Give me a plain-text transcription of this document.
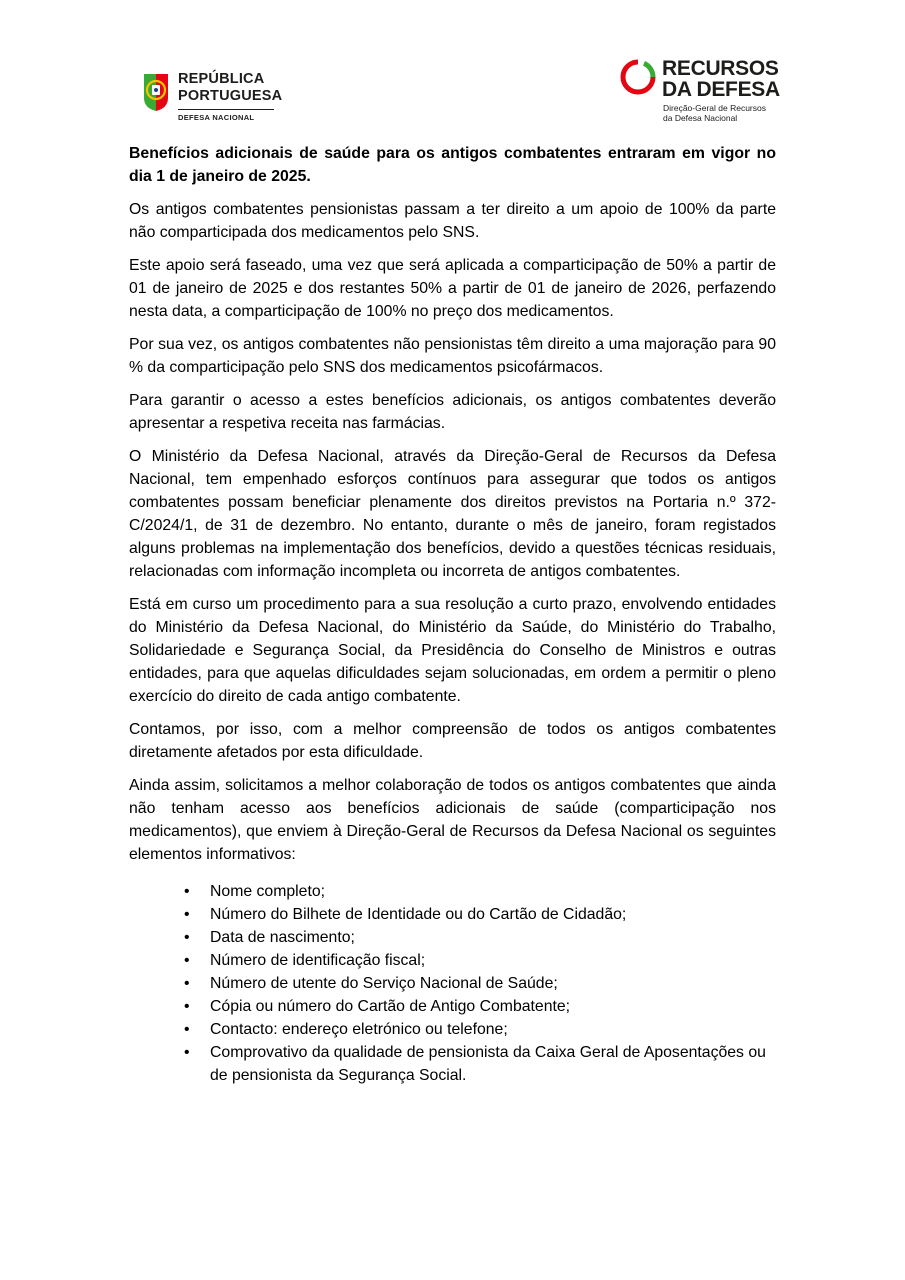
REPÚBLICA
PORTUGUESA
DEFESA NACIONAL
RECURSOS
DA DEFESA
Direção-Geral de Recursos
da Defesa Nacional

Benefícios adicionais de saúde para os antigos combatentes entraram em vigor no dia 1 de janeiro de 2025.

Os antigos combatentes pensionistas passam a ter direito a um apoio de 100% da parte não comparticipada dos medicamentos pelo SNS.

Este apoio será faseado, uma vez que será aplicada a comparticipação de 50% a partir de 01 de janeiro de 2025 e dos restantes 50% a partir de 01 de janeiro de 2026, perfazendo nesta data, a comparticipação de 100% no preço dos medicamentos.

Por sua vez, os antigos combatentes não pensionistas têm direito a uma majoração para 90 % da comparticipação pelo SNS dos medicamentos psicofármacos.

Para garantir o acesso a estes benefícios adicionais, os antigos combatentes deverão apresentar a respetiva receita nas farmácias.

O Ministério da Defesa Nacional, através da Direção-Geral de Recursos da Defesa Nacional, tem empenhado esforços contínuos para assegurar que todos os antigos combatentes possam beneficiar plenamente dos direitos previstos na Portaria n.º 372-C/2024/1, de 31 de dezembro. No entanto, durante o mês de janeiro, foram registados alguns problemas na implementação dos benefícios, devido a questões técnicas residuais, relacionadas com informação incompleta ou incorreta de antigos combatentes.

Está em curso um procedimento para a sua resolução a curto prazo, envolvendo entidades do Ministério da Defesa Nacional, do Ministério da Saúde, do Ministério do Trabalho, Solidariedade e Segurança Social, da Presidência do Conselho de Ministros e outras entidades, para que aquelas dificuldades sejam solucionadas, em ordem a permitir o pleno exercício do direito de cada antigo combatente.

Contamos, por isso, com a melhor compreensão de todos os antigos combatentes diretamente afetados por esta dificuldade.

Ainda assim, solicitamos a melhor colaboração de todos os antigos combatentes que ainda não tenham acesso aos benefícios adicionais de saúde (comparticipação nos medicamentos), que enviem à Direção-Geral de Recursos da Defesa Nacional os seguintes elementos informativos:

• Nome completo;
• Número do Bilhete de Identidade ou do Cartão de Cidadão;
• Data de nascimento;
• Número de identificação fiscal;
• Número de utente do Serviço Nacional de Saúde;
• Cópia ou número do Cartão de Antigo Combatente;
• Contacto: endereço eletrónico ou telefone;
• Comprovativo da qualidade de pensionista da Caixa Geral de Aposentações ou de pensionista da Segurança Social.
